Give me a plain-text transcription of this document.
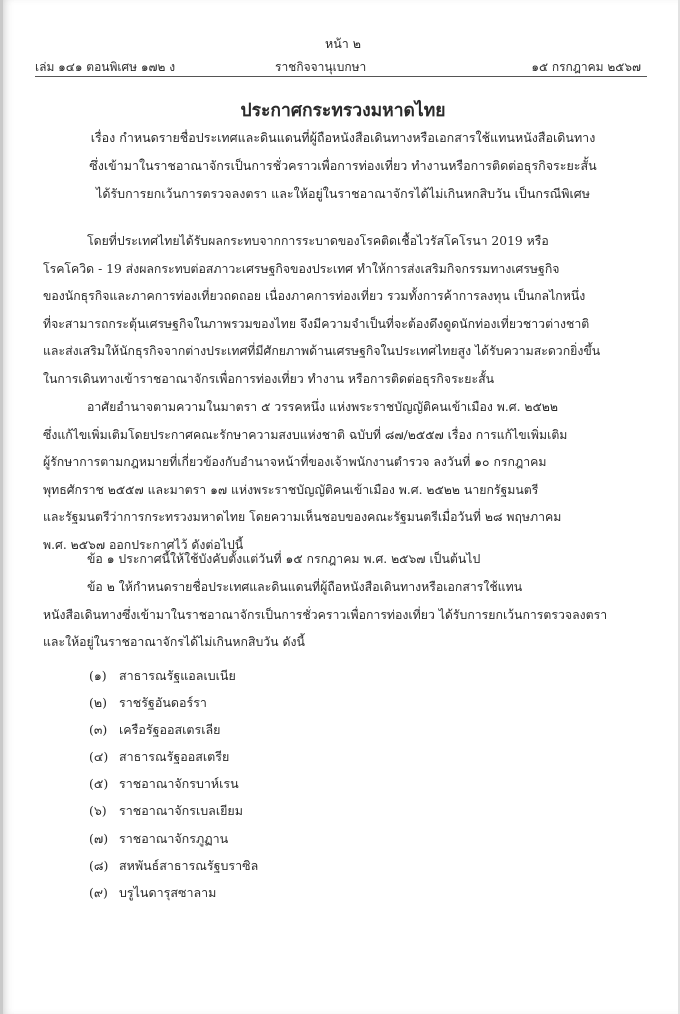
หน้า ๒
เล่ม ๑๔๑ ตอนพิเศษ ๑๗๒ ง	ราชกิจจานุเบกษา	๑๕ กรกฎาคม ๒๕๖๗
ประกาศกระทรวงมหาดไทย
เรื่อง กำหนดรายชื่อประเทศและดินแดนที่ผู้ถือหนังสือเดินทางหรือเอกสารใช้แทนหนังสือเดินทาง
ซึ่งเข้ามาในราชอาณาจักรเป็นการชั่วคราวเพื่อการท่องเที่ยว ทำงานหรือการติดต่อธุรกิจระยะสั้น
ได้รับการยกเว้นการตรวจลงตรา และให้อยู่ในราชอาณาจักรได้ไม่เกินหกสิบวัน เป็นกรณีพิเศษ
โดยที่ประเทศไทยได้รับผลกระทบจากการระบาดของโรคติดเชื้อไวรัสโคโรนา 2019 หรือ
โรคโควิด - 19 ส่งผลกระทบต่อสภาวะเศรษฐกิจของประเทศ ทำให้การส่งเสริมกิจกรรมทางเศรษฐกิจ
ของนักธุรกิจและภาคการท่องเที่ยวถดถอย เนื่องภาคการท่องเที่ยว รวมทั้งการค้าการลงทุน เป็นกลไกหนึ่ง
ที่จะสามารถกระตุ้นเศรษฐกิจในภาพรวมของไทย จึงมีความจำเป็นที่จะต้องดึงดูดนักท่องเที่ยวชาวต่างชาติ
และส่งเสริมให้นักธุรกิจจากต่างประเทศที่มีศักยภาพด้านเศรษฐกิจในประเทศไทยสูง ได้รับความสะดวกยิ่งขึ้น
ในการเดินทางเข้าราชอาณาจักรเพื่อการท่องเที่ยว ทำงาน หรือการติดต่อธุรกิจระยะสั้น
อาศัยอำนาจตามความในมาตรา ๕ วรรคหนึ่ง แห่งพระราชบัญญัติคนเข้าเมือง พ.ศ. ๒๕๒๒
ซึ่งแก้ไขเพิ่มเติมโดยประกาศคณะรักษาความสงบแห่งชาติ ฉบับที่ ๘๗/๒๕๕๗ เรื่อง การแก้ไขเพิ่มเติม
ผู้รักษาการตามกฎหมายที่เกี่ยวข้องกับอำนาจหน้าที่ของเจ้าพนักงานตำรวจ ลงวันที่ ๑๐ กรกฎาคม
พุทธศักราช ๒๕๕๗ และมาตรา ๑๗ แห่งพระราชบัญญัติคนเข้าเมือง พ.ศ. ๒๕๒๒ นายกรัฐมนตรี
และรัฐมนตรีว่าการกระทรวงมหาดไทย โดยความเห็นชอบของคณะรัฐมนตรีเมื่อวันที่ ๒๘ พฤษภาคม
พ.ศ. ๒๕๖๗ ออกประกาศไว้ ดังต่อไปนี้
ข้อ ๑ ประกาศนี้ให้ใช้บังคับตั้งแต่วันที่ ๑๕ กรกฎาคม พ.ศ. ๒๕๖๗ เป็นต้นไป
ข้อ ๒ ให้กำหนดรายชื่อประเทศและดินแดนที่ผู้ถือหนังสือเดินทางหรือเอกสารใช้แทน
หนังสือเดินทางซึ่งเข้ามาในราชอาณาจักรเป็นการชั่วคราวเพื่อการท่องเที่ยว ได้รับการยกเว้นการตรวจลงตรา
และให้อยู่ในราชอาณาจักรได้ไม่เกินหกสิบวัน ดังนี้
(๑) สาธารณรัฐแอลเบเนีย
(๒) ราชรัฐอันดอร์รา
(๓) เครือรัฐออสเตรเลีย
(๔) สาธารณรัฐออสเตรีย
(๕) ราชอาณาจักรบาห์เรน
(๖) ราชอาณาจักรเบลเยียม
(๗) ราชอาณาจักรภูฏาน
(๘) สหพันธ์สาธารณรัฐบราซิล
(๙) บรูไนดารุสซาลาม
